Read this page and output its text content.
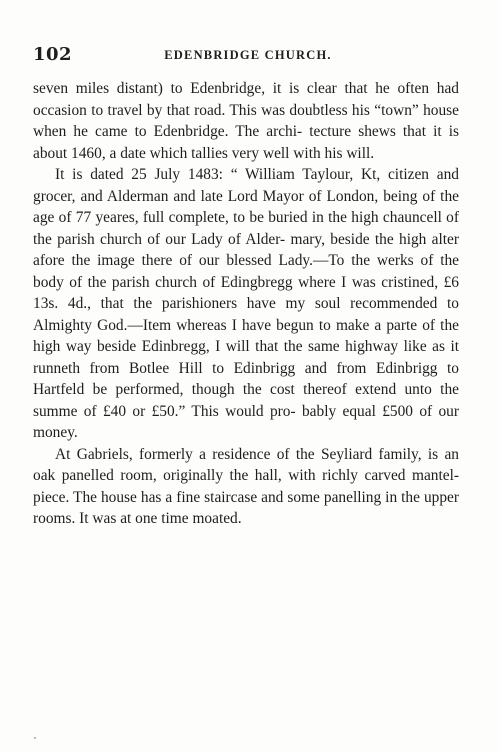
102	EDENBRIDGE CHURCH.

seven miles distant) to Edenbridge, it is clear that he often had occasion to travel by that road. This was doubtless his “town” house when he came to Edenbridge. The archi- tecture shews that it is about 1460, a date which tallies very well with his will.

It is dated 25 July 1483: “ William Taylour, Kt, citizen and grocer, and Alderman and late Lord Mayor of London, being of the age of 77 yeares, full complete, to be buried in the high chauncell of the parish church of our Lady of Alder- mary, beside the high alter afore the image there of our blessed Lady.—To the werks of the body of the parish church of Edingbregg where I was cristined, £6 13s. 4d., that the parishioners have my soul recommended to Almighty God.—Item whereas I have begun to make a parte of the high way beside Edinbregg, I will that the same highway like as it runneth from Botlee Hill to Edinbrigg and from Edinbrigg to Hartfeld be performed, though the cost thereof extend unto the summe of £40 or £50.” This would pro- bably equal £500 of our money.

At Gabriels, formerly a residence of the Seyliard family, is an oak panelled room, originally the hall, with richly carved mantel-piece. The house has a fine staircase and some panelling in the upper rooms. It was at one time moated.
